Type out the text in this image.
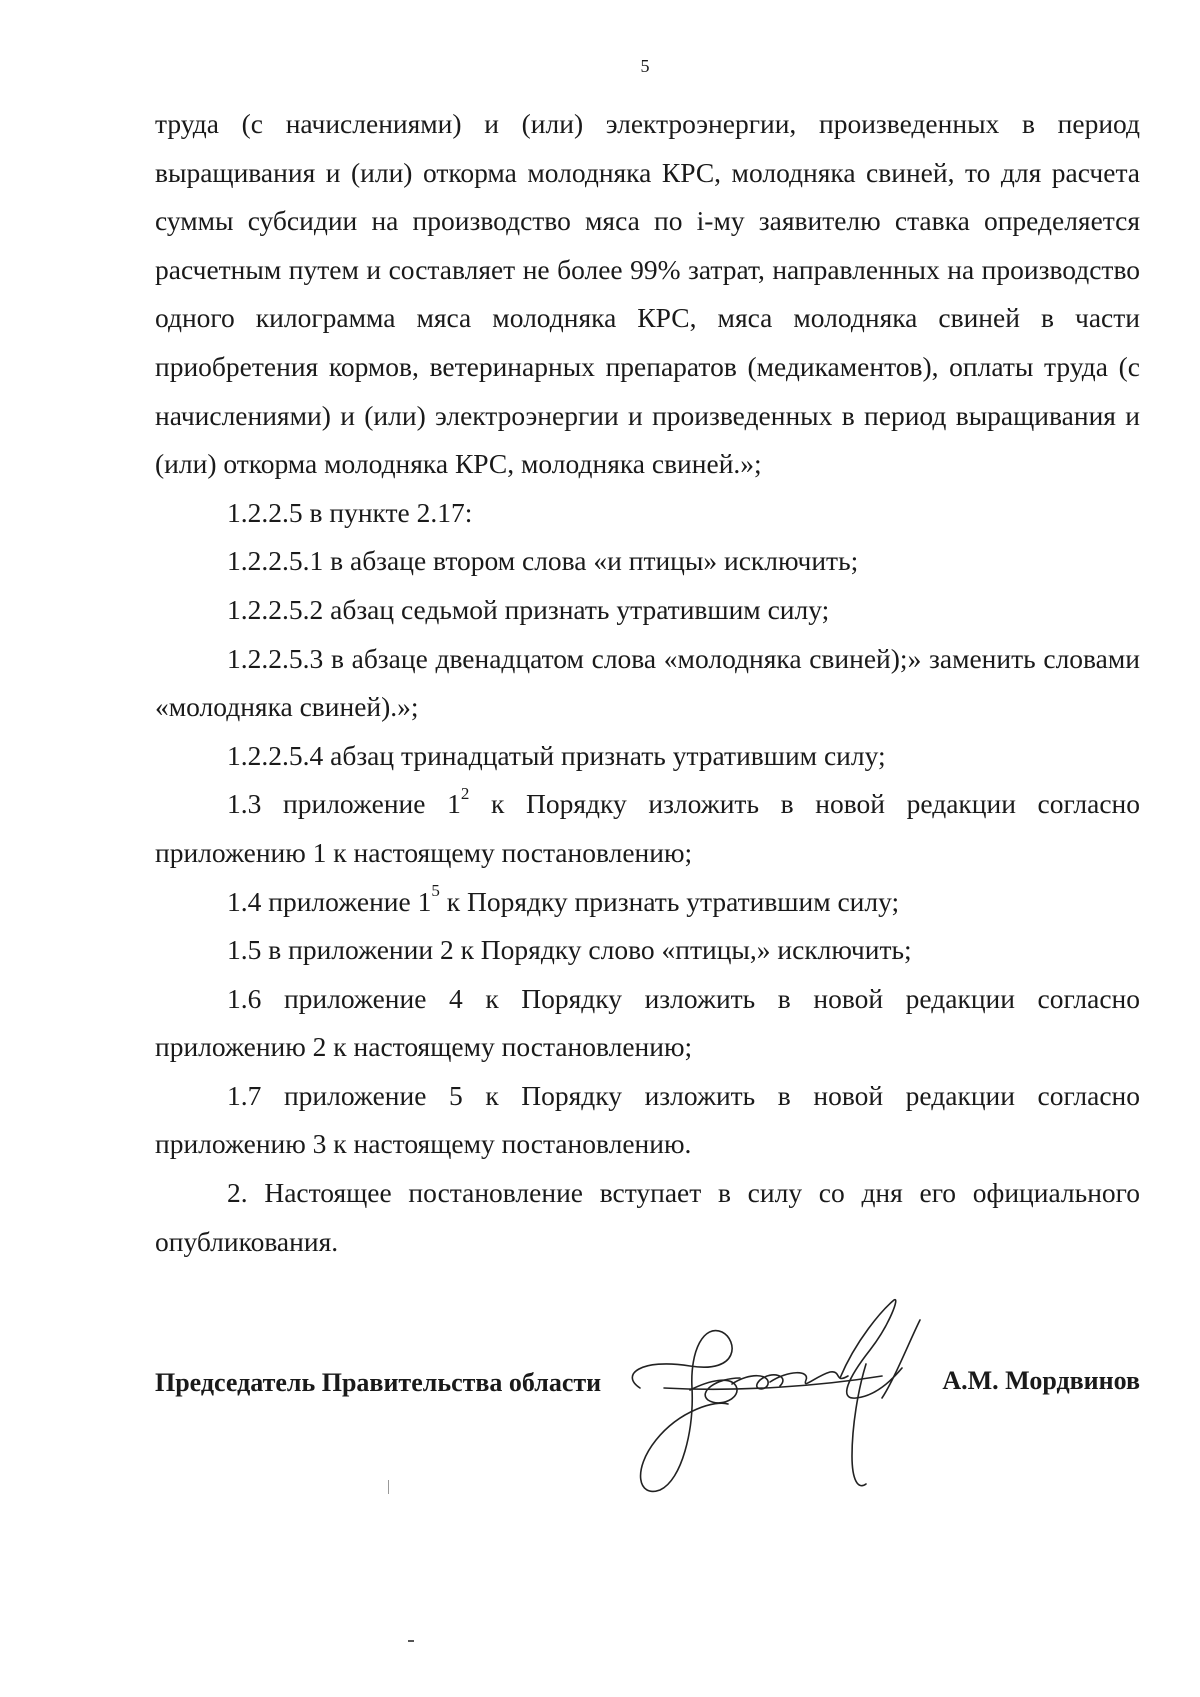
5

труда (с начислениями) и (или) электроэнергии, произведенных в период выращивания и (или) откорма молодняка КРС, молодняка свиней, то для расчета суммы субсидии на производство мяса по i-му заявителю ставка определяется расчетным путем и составляет не более 99% затрат, направленных на производство одного килограмма мяса молодняка КРС, мяса молодняка свиней в части приобретения кормов, ветеринарных препаратов (медикаментов), оплаты труда (с начислениями) и (или) электроэнергии и произведенных в период выращивания и (или) откорма молодняка КРС, молодняка свиней.»;

1.2.2.5 в пункте 2.17:

1.2.2.5.1 в абзаце втором слова «и птицы» исключить;

1.2.2.5.2 абзац седьмой признать утратившим силу;

1.2.2.5.3 в абзаце двенадцатом слова «молодняка свиней);» заменить словами «молодняка свиней).»;

1.2.2.5.4 абзац тринадцатый признать утратившим силу;

1.3 приложение $1^2$ к Порядку изложить в новой редакции согласно приложению 1 к настоящему постановлению;

1.4 приложение $1^5$ к Порядку признать утратившим силу;

1.5 в приложении 2 к Порядку слово «птицы,» исключить;

1.6 приложение 4 к Порядку изложить в новой редакции согласно приложению 2 к настоящему постановлению;

1.7 приложение 5 к Порядку изложить в новой редакции согласно приложению 3 к настоящему постановлению.

2. Настоящее постановление вступает в силу со дня его официального опубликования.

Председатель Правительства области	А.М. Мордвинов
